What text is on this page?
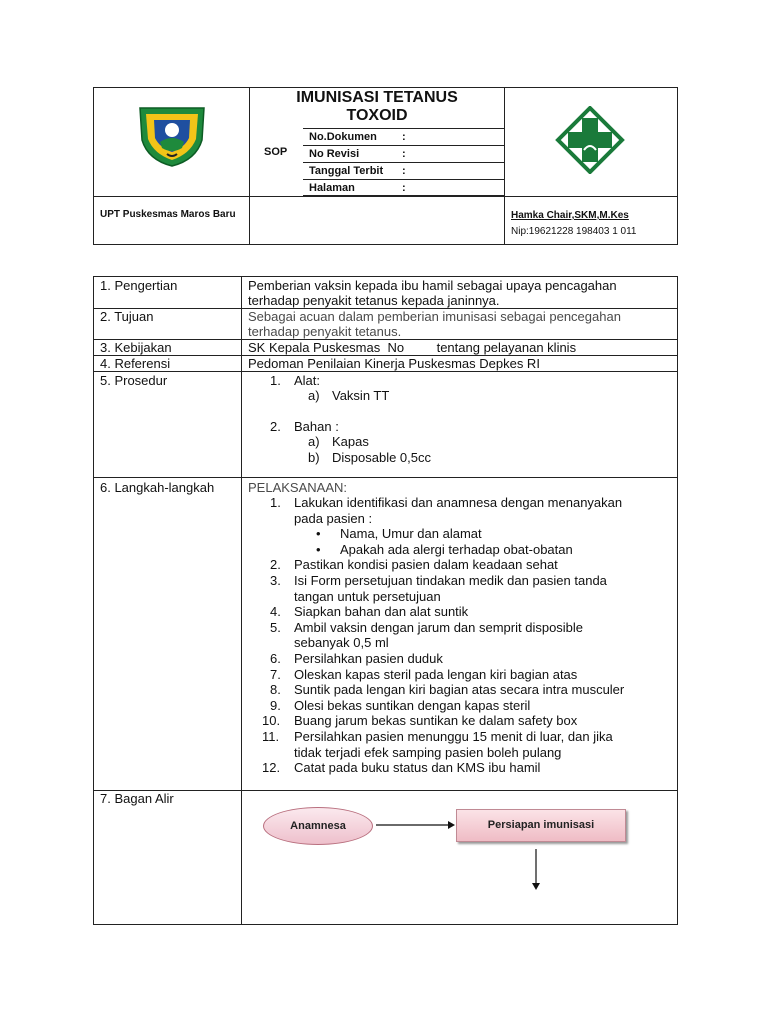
IMUNISASI TETANUS
TOXOID
SOP
No.Dokumen :
No Revisi	:
Tanggal Terbit :
Halaman	:
UPT Puskesmas Maros Baru	Hamka Chair,SKM,M.Kes
Nip:19621228 198403 1 011
1. Pengertian	Pemberian vaksin kepada ibu hamil sebagai upaya pencagahan
terhadap penyakit tetanus kepada janinnya.
2. Tujuan	Sebagai acuan dalam pemberian imunisasi sebagai pencegahan
terhadap penyakit tetanus.
3. Kebijakan	SK Kepala Puskesmas  No         tentang pelayanan klinis
4. Referensi	Pedoman Penilaian Kinerja Puskesmas Depkes RI
5. Prosedur	1. Alat:
a) Vaksin TT
2. Bahan :
a) Kapas
b) Disposable 0,5cc
6. Langkah-langkah	PELAKSANAAN:
1. Lakukan identifikasi dan anamnesa dengan menanyakan
pada pasien :
• Nama, Umur dan alamat
• Apakah ada alergi terhadap obat-obatan
2. Pastikan kondisi pasien dalam keadaan sehat
3. Isi Form persetujuan tindakan medik dan pasien tanda
tangan untuk persetujuan
4. Siapkan bahan dan alat suntik
5. Ambil vaksin dengan jarum dan semprit disposible
sebanyak 0,5 ml
6. Persilahkan pasien duduk
7. Oleskan kapas steril pada lengan kiri bagian atas
8. Suntik pada lengan kiri bagian atas secara intra musculer
9. Olesi bekas suntikan dengan kapas steril
10. Buang jarum bekas suntikan ke dalam safety box
11. Persilahkan pasien menunggu 15 menit di luar, dan jika
tidak terjadi efek samping pasien boleh pulang
12. Catat pada buku status dan KMS ibu hamil
7. Bagan Alir
Anamnesa	Persiapan imunisasi
